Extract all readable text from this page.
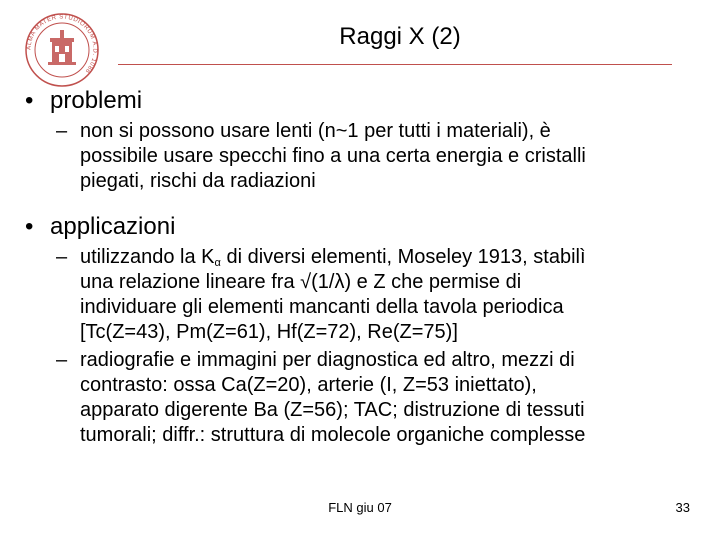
ALMA MATER STUDIORUM A.D. 1088
Raggi X (2)
• problemi
– non si possono usare lenti (n~1 per tutti i materiali), è
possibile usare specchi fino a una certa energia e cristalli
piegati, rischi da radiazioni
• applicazioni
– utilizzando la $K_\alpha$ di diversi elementi, Moseley 1913, stabilì
una relazione lineare fra √(1/λ) e Z che permise di
individuare gli elementi mancanti della tavola periodica
[Tc(Z=43), Pm(Z=61), Hf(Z=72), Re(Z=75)]
– radiografie e immagini per diagnostica ed altro, mezzi di
contrasto: ossa Ca(Z=20), arterie (I, Z=53 iniettato),
apparato digerente Ba (Z=56); TAC; distruzione di tessuti
tumorali; diffr.: struttura di molecole organiche complesse
FLN giu 07	33
